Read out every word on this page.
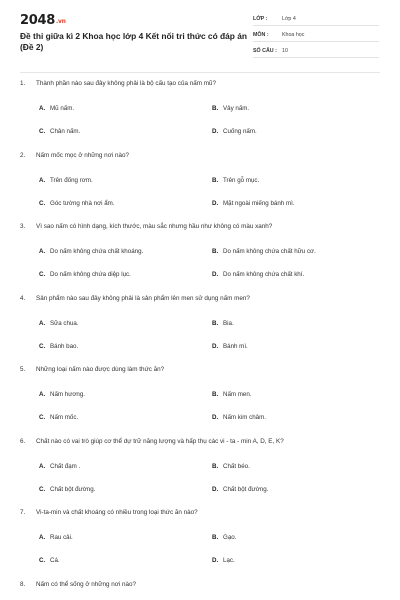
2048.vn
Đề thi giữa kì 2 Khoa học lớp 4 Kết nối tri thức có đáp án (Đề 2)
LỚP :	Lớp 4
MÔN :	Khoa học
SỐ CÂU : 10
1. Thành phần nào sau đây không phải là bộ cấu tạo của nấm mũ?
A. Mũ nấm.	B. Vảy nấm.
C. Chân nấm.	D. Cuống nấm.
2. Nấm mốc mọc ở những nơi nào?
A. Trên đống rơm.	B. Trên gỗ mục.
C. Góc tường nhà nơi ẩm.	D. Mặt ngoài miếng bánh mì.
3. Vì sao nấm có hình dạng, kích thước, màu sắc nhưng hầu như không có màu xanh?
A. Do nấm không chứa chất khoáng.	B. Do nấm không chứa chất hữu cơ.
C. Do nấm không chứa diệp lục.	D. Do nấm không chứa chất khí.
4. Sản phẩm nào sau đây không phải là sản phẩm lên men sử dụng nấm men?
A. Sữa chua.	B. Bia.
C. Bánh bao.	D. Bánh mì.
5. Những loại nấm nào được dùng làm thức ăn?
A. Nấm hương.	B. Nấm men.
C. Nấm mốc.	D. Nấm kim châm.
6. Chất nào có vai trò giúp cơ thể dự trữ năng lượng và hấp thụ các vi - ta - min A, D, E, K?
A. Chất đạm .	B. Chất béo.
C. Chất bột đường.	D. Chất bột đường.
7. Vi-ta-min và chất khoáng có nhiều trong loại thức ăn nào?
A. Rau cải.	B. Gạo.
C. Cá.	D. Lạc.
8. Nấm có thể sống ở những nơi nào?
